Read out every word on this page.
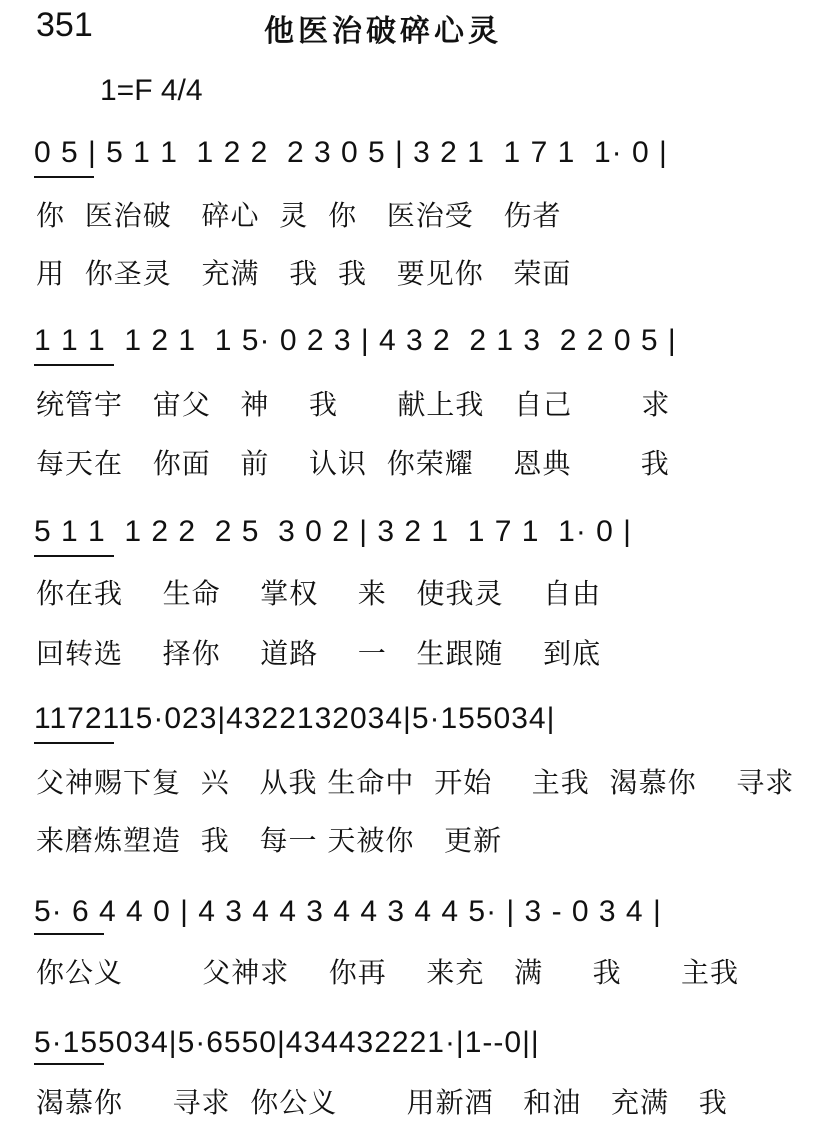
351	他医治破碎心灵
1=F 4/4
0 5 | 5 1 1  1 2 2  2 3 0 5 | 3 2 1  1 7 1  1· 0 |
你  医治破   碎心  灵  你   医治受   伤者
用  你圣灵   充满   我  我   要见你   荣面
1 1 1  1 2 1  1 5· 0 2 3 | 4 3 2  2 1 3  2 2 0 5 |
统管宇   宙父   神    我      献上我   自己       求
每天在   你面   前    认识  你荣耀    恩典       我
5 1 1  1 2 2  2 5  3 0 2 | 3 2 1  1 7 1  1· 0 |
你在我    生命    掌权    来   使我灵    自由
回转选    择你    道路    一   生跟随    到底
1172115·023|4322132034|5·155034|
父神赐下复  兴   从我 生命中  开始    主我  渴慕你    寻求
来磨炼塑造  我   每一 天被你   更新
5· 6 4 4 0 | 4 3 4 4 3 4 4 3 4 4 5· | 3 - 0 3 4 |
你公义        父神求    你再    来充   满     我      主我
5·155034|5·6550|434432221·|1--0||
渴慕你     寻求  你公义       用新酒   和油   充满   我
